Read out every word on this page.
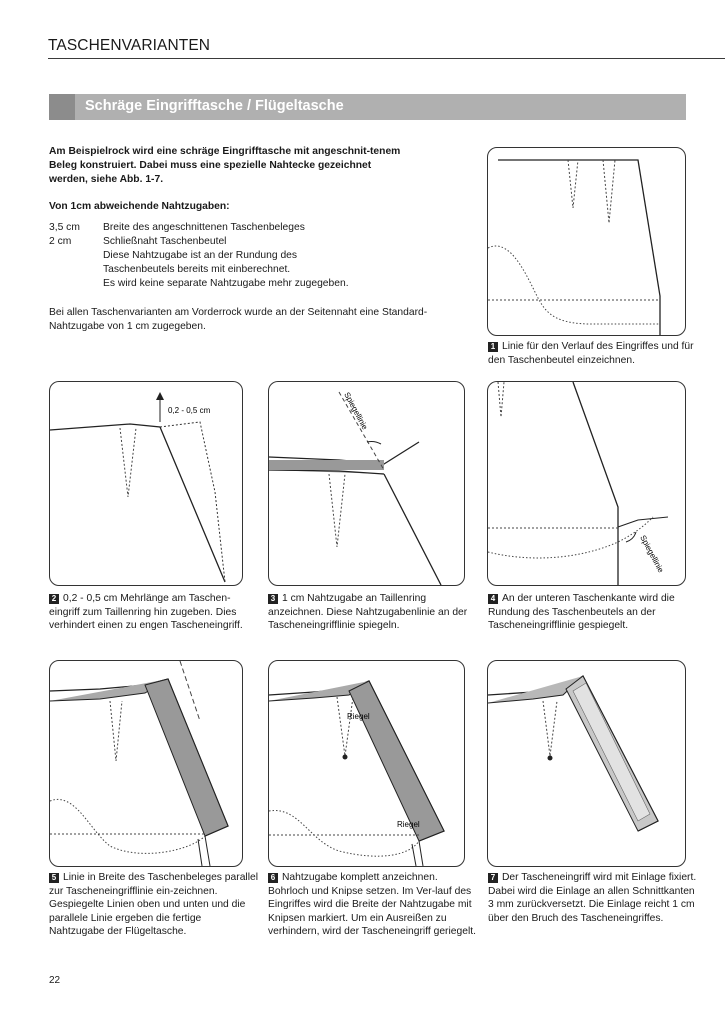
TASCHENVARIANTEN
Schräge Eingrifftasche / Flügeltasche
Am Beispielrock wird eine schräge Eingrifftasche mit angeschnit-tenem Beleg konstruiert. Dabei muss eine spezielle Nahtecke gezeichnet werden, siehe Abb. 1-7.
Von 1cm abweichende Nahtzugaben:
3,5 cm	Breite des angeschnittenen Taschenbeleges
2 cm	Schließnaht Taschenbeutel
Diese Nahtzugabe ist an der Rundung des
Taschenbeutels bereits mit einberechnet.
Es wird keine separate Nahtzugabe mehr zugegeben.
Bei allen Taschenvarianten am Vorderrock wurde an der Seitennaht eine Standard-Nahtzugabe von 1 cm zugegeben.
1 Linie für den Verlauf des Eingriffes und für den Taschenbeutel einzeichnen.
0,2 - 0,5 cm
2 0,2 - 0,5 cm Mehrlänge am Taschen-eingriff zum Taillenring hin zugeben. Dies verhindert einen zu engen Tascheneingriff.
Spiegellinie
3 1 cm Nahtzugabe an Taillenring anzeichnen. Diese Nahtzugabenlinie an der Tascheneingrifflinie spiegeln.
Spiegellinie
4 An der unteren Taschenkante wird die Rundung des Taschenbeutels an der Tascheneingrifflinie gespiegelt.
5 Linie in Breite des Taschenbeleges parallel zur Tascheneingrifflinie ein-zeichnen. Gespiegelte Linien oben und unten und die parallele Linie ergeben die fertige Nahtzugabe der Flügeltasche.
Riegel
Riegel
6 Nahtzugabe komplett anzeichnen. Bohrloch und Knipse setzen. Im Ver-lauf des Eingriffes wird die Breite der Nahtzugabe mit Knipsen markiert. Um ein Ausreißen zu verhindern, wird der Tascheneingriff geriegelt.
7 Der Tascheneingriff wird mit Einlage fixiert. Dabei wird die Einlage an allen Schnittkanten 3 mm zurückversetzt. Die Einlage reicht 1 cm über den Bruch des Tascheneingriffes.
22
